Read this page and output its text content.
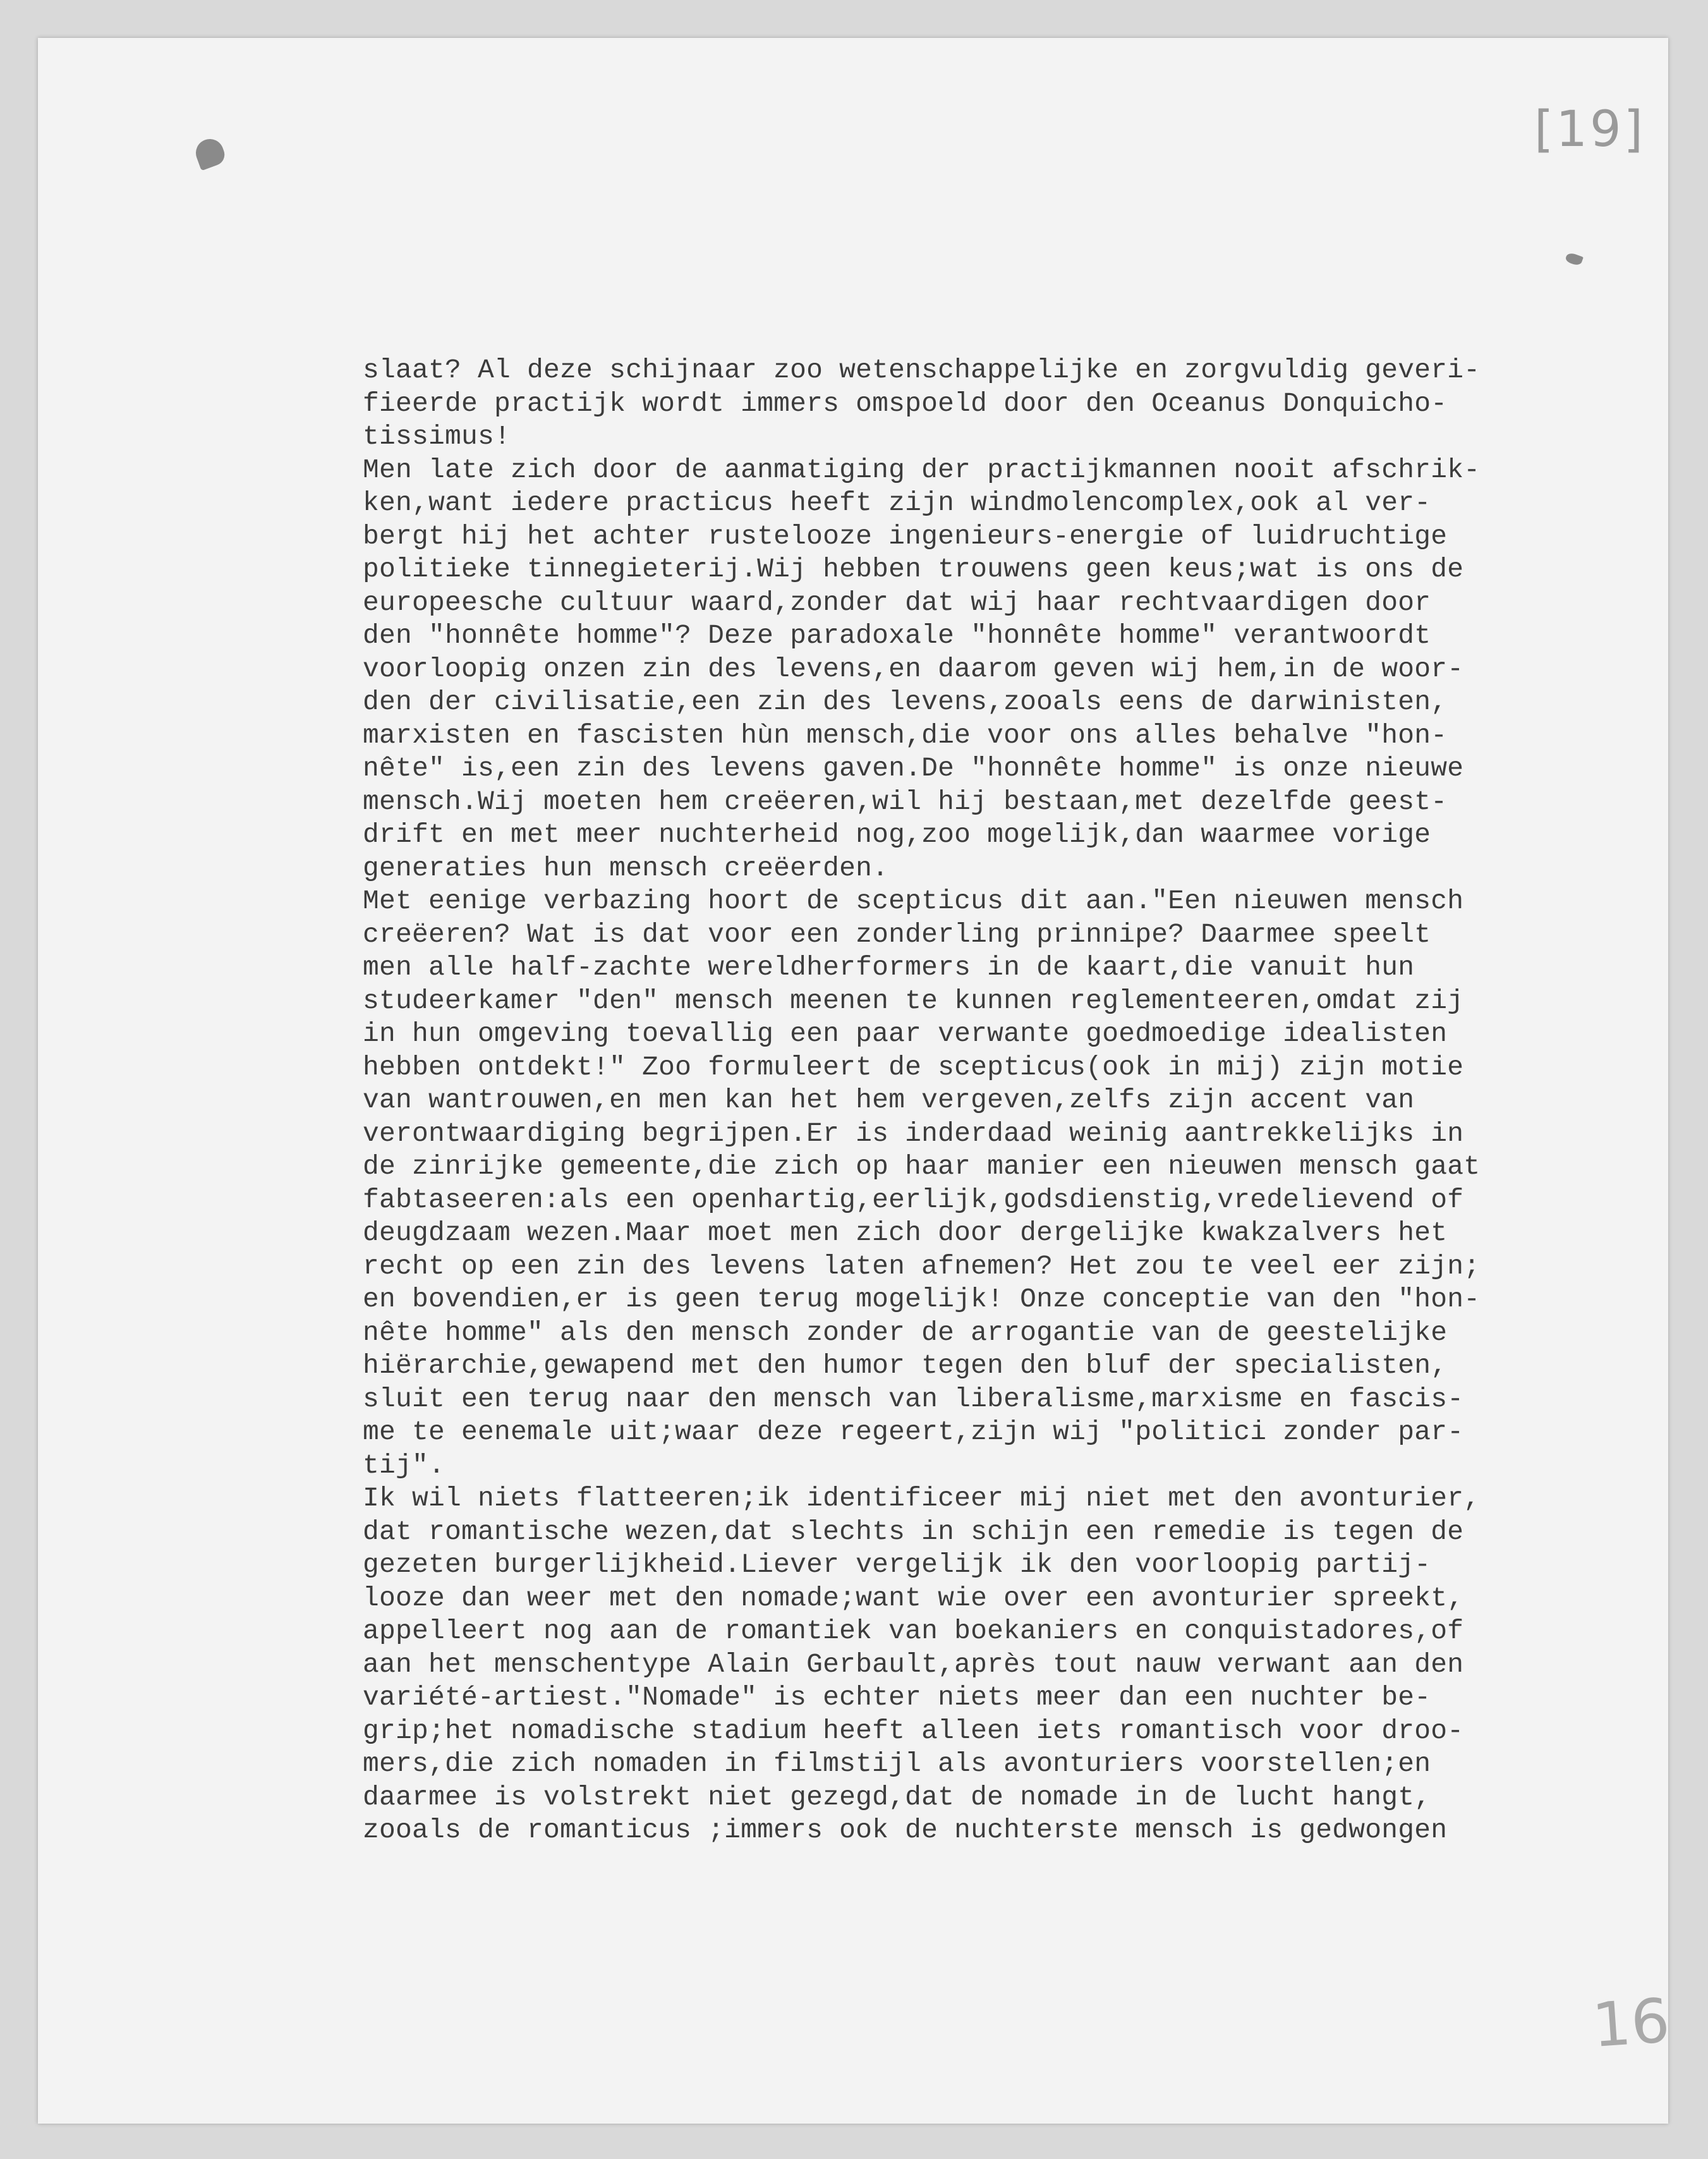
[19]
16
slaat? Al deze schijnaar zoo wetenschappelijke en zorgvuldig geveri-
fieerde practijk wordt immers omspoeld door den Oceanus Donquicho-
tissimus!
Men late zich door de aanmatiging der practijkmannen nooit afschrik-
ken,want iedere practicus heeft zijn windmolencomplex,ook al ver-
bergt hij het achter rustelooze ingenieurs-energie of luidruchtige
politieke tinnegieterij.Wij hebben trouwens geen keus;wat is ons de
europeesche cultuur waard,zonder dat wij haar rechtvaardigen door
den "honnête homme"? Deze paradoxale "honnête homme" verantwoordt
voorloopig onzen zin des levens,en daarom geven wij hem,in de woor-
den der civilisatie,een zin des levens,zooals eens de darwinisten,
marxisten en fascisten hùn mensch,die voor ons alles behalve "hon-
nête" is,een zin des levens gaven.De "honnête homme" is onze nieuwe
mensch.Wij moeten hem creëeren,wil hij bestaan,met dezelfde geest-
drift en met meer nuchterheid nog,zoo mogelijk,dan waarmee vorige
generaties hun mensch creëerden.
Met eenige verbazing hoort de scepticus dit aan."Een nieuwen mensch
creëeren? Wat is dat voor een zonderling prinnipe? Daarmee speelt
men alle half-zachte wereldherformers in de kaart,die vanuit hun
studeerkamer "den" mensch meenen te kunnen reglementeeren,omdat zij
in hun omgeving toevallig een paar verwante goedmoedige idealisten
hebben ontdekt!" Zoo formuleert de scepticus(ook in mij) zijn motie
van wantrouwen,en men kan het hem vergeven,zelfs zijn accent van
verontwaardiging begrijpen.Er is inderdaad weinig aantrekkelijks in
de zinrijke gemeente,die zich op haar manier een nieuwen mensch gaat
fabtaseeren:als een openhartig,eerlijk,godsdienstig,vredelievend of
deugdzaam wezen.Maar moet men zich door dergelijke kwakzalvers het
recht op een zin des levens laten afnemen? Het zou te veel eer zijn;
en bovendien,er is geen terug mogelijk! Onze conceptie van den "hon-
nête homme" als den mensch zonder de arrogantie van de geestelijke
hiërarchie,gewapend met den humor tegen den bluf der specialisten,
sluit een terug naar den mensch van liberalisme,marxisme en fascis-
me te eenemale uit;waar deze regeert,zijn wij "politici zonder par-
tij".
Ik wil niets flatteeren;ik identificeer mij niet met den avonturier,
dat romantische wezen,dat slechts in schijn een remedie is tegen de
gezeten burgerlijkheid.Liever vergelijk ik den voorloopig partij-
looze dan weer met den nomade;want wie over een avonturier spreekt,
appelleert nog aan de romantiek van boekaniers en conquistadores,of
aan het menschentype Alain Gerbault,après tout nauw verwant aan den
variété-artiest."Nomade" is echter niets meer dan een nuchter be-
grip;het nomadische stadium heeft alleen iets romantisch voor droo-
mers,die zich nomaden in filmstijl als avonturiers voorstellen;en
daarmee is volstrekt niet gezegd,dat de nomade in de lucht hangt,
zooals de romanticus ;immers ook de nuchterste mensch is gedwongen
